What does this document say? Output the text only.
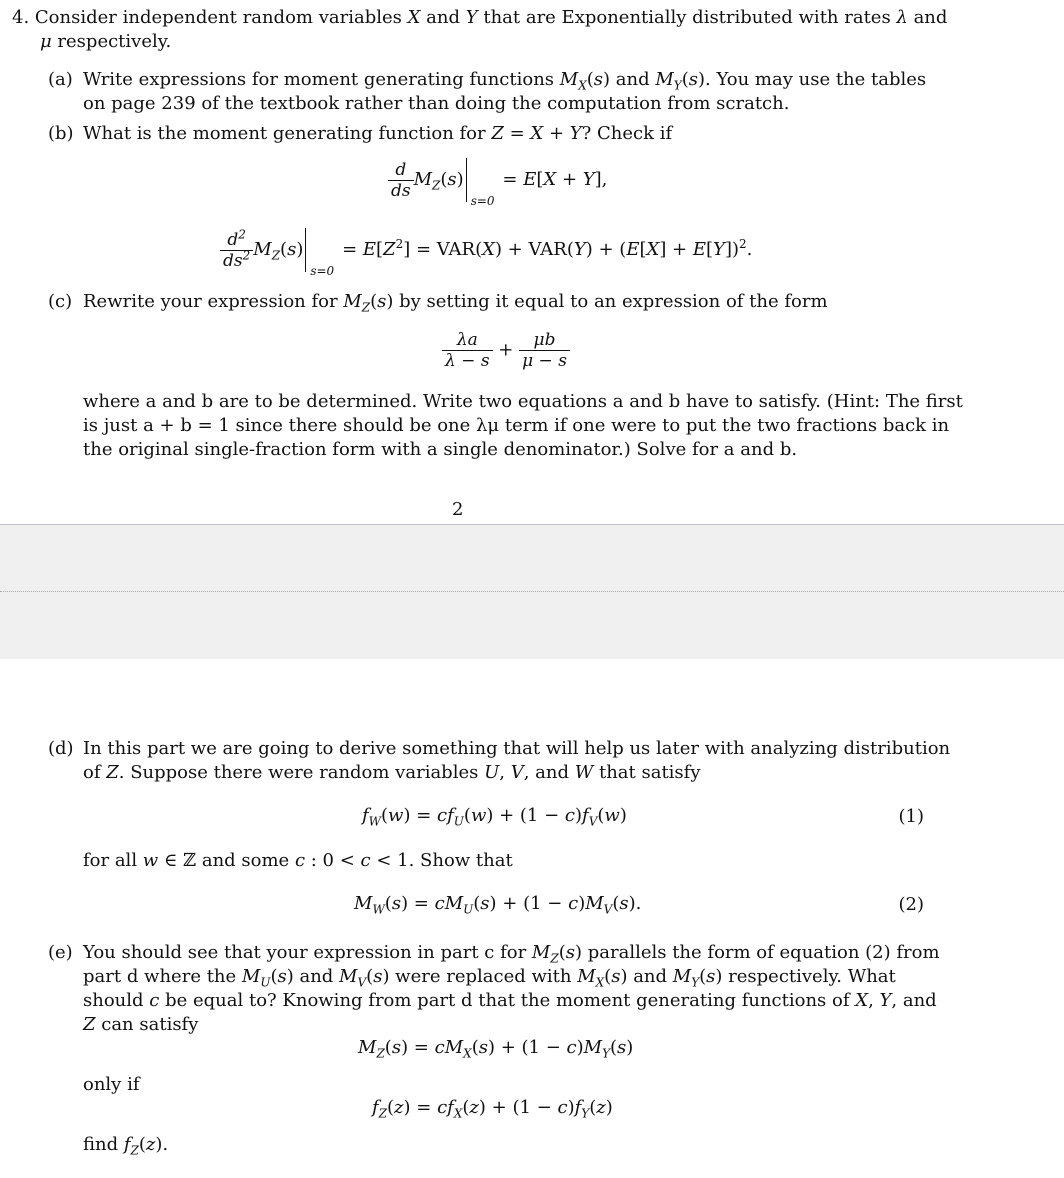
4. Consider independent random variables X and Y that are Exponentially distributed with rates λ and
μ respectively.
(a) Write expressions for moment generating functions $M_X(s)$ and $M_Y(s)$. You may use the tables
on page 239 of the textbook rather than doing the computation from scratch.
(b) What is the moment generating function for Z = X + Y? Check if
$\frac{d}{ds} M_Z(s)$
s=0
= E[X + Y],
$\frac{d^2}{ds^2} M_Z(s)$
s=0
= $E[Z^2] = VAR(X) + VAR(Y) + (E[X] + E[Y])^2$.
(c) Rewrite your expression for $M_Z(s)$ by setting it equal to an expression of the form
$\frac{\lambda a}{\lambda - s} + \frac{\mu b}{\mu - s}$
where a and b are to be determined. Write two equations a and b have to satisfy. (Hint: The first
is just a + b = 1 since there should be one λμ term if one were to put the two fractions back in
the original single-fraction form with a single denominator.) Solve for a and b.
2
(d) In this part we are going to derive something that will help us later with analyzing distribution
of Z. Suppose there were random variables U, V, and W that satisfy
$f_W(w) = cf_U(w) + (1 - c)f_V(w)$	(1)
for all w ∈ ℤ and some c : 0 < c < 1. Show that
$M_W(s) = cM_U(s) + (1 - c)M_V(s)$.	(2)
(e) You should see that your expression in part c for $M_Z(s)$ parallels the form of equation (2) from
part d where the $M_U(s)$ and $M_V(s)$ were replaced with $M_X(s)$ and $M_Y(s)$ respectively. What
should c be equal to? Knowing from part d that the moment generating functions of X, Y, and
Z can satisfy
$M_Z(s) = cM_X(s) + (1 - c)M_Y(s)$
only if
$f_Z(z) = cf_X(z) + (1 - c)f_Y(z)$
find $f_Z(z)$.
